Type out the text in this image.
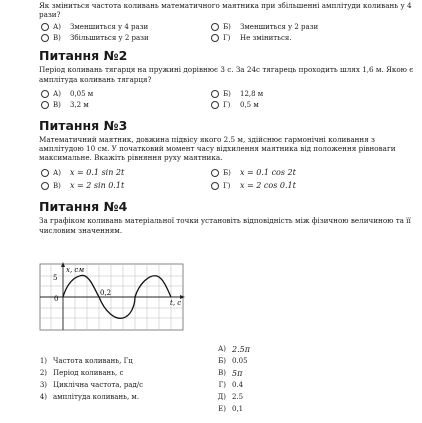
Як зміниться частота коливань математичного маятника при збільшенні амплітуди коливань у 4 рази?
А)	Зменшиться у 4 рази	Б)	Зменшиться у 2 рази
В)	Збільшиться у 2 рази	Г)	Не зміниться.
Питання №2
Період коливань тягарця на пружині дорівнює 3 с. За 24с тягарець проходить шлях 1,6 м. Якою є амплітуда коливань тягарця?
А)	0,05 м	Б)	12,8 м
В)	3,2 м	Г)	0,5 м
Питання №3
Математичний маятник, довжина підвісу якого 2.5 м, здійснює гармонічні коливання з амплітудою 10 см. У початковий момент часу відхилення маятника від положення рівноваги максимальне. Вкажіть рівняння руху маятника.
А)	x = 0.1 sin 2t	Б)	x = 0.1 cos 2t
В)	x = 2 sin 0.1t	Г)	x = 2 cos 0.1t
Питання №4
За графіком коливань матеріальної точки установіть відповідність між фізичною величиною та її числовим значенням.
x, см
5
0
0,2
t, с
1) Частота коливань, Гц
2) Період коливань, с
3) Циклічна частота, рад/с
4) амплітуда коливань, м.
А) 2.5π
Б) 0.05
В) 5π
Г) 0.4
Д) 2.5
Е) 0,1
